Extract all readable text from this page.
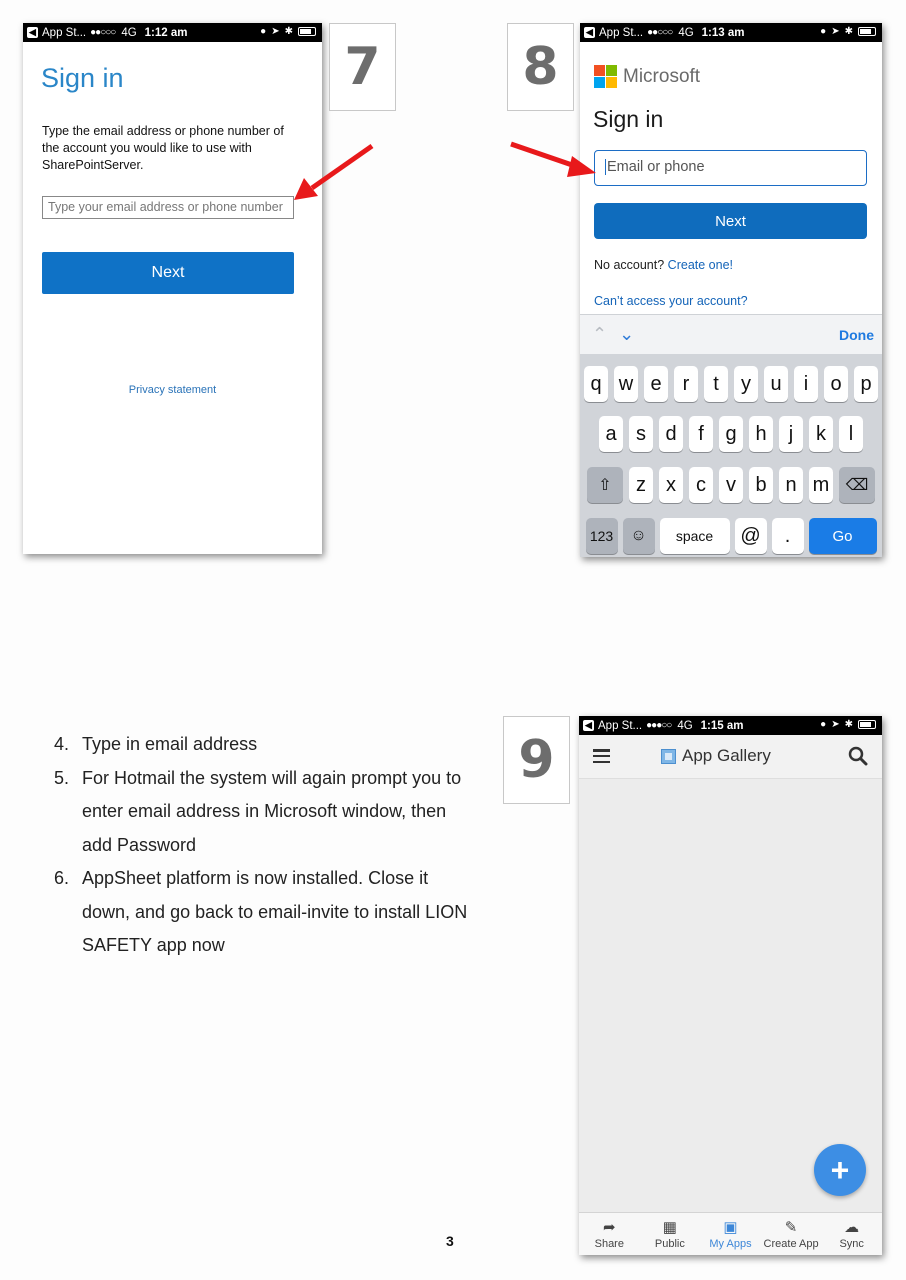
◀ App St... ●●○○○ 4G 1:12 am	● ➤ ✱
Sign in
Type the email address or phone number of the account you would like to use with SharePointServer.
Type your email address or phone number
Next
Privacy statement
7	8
◀ App St... ●●○○○ 4G 1:13 am	● ➤ ✱
Microsoft
Sign in
Email or phone
Next
No account? Create one!
Can’t access your account?
⌃ ⌄	Done
q w e	r	t	y u	i	o p
a s d	f	g h	j	k	l
⇧	z	x	c	v b n m	⌫
123	☺	space	@	.	Go
4. Type in email address
5. For Hotmail the system will again prompt you to enter email address in Microsoft window, then add Password
6. AppSheet platform is now installed. Close it down, and go back to email-invite to install LION SAFETY app now
9
◀ App St... ●●●○○ 4G 1:15 am	● ➤ ✱
App Gallery
+
➦
Share
▦
Public
▣
My Apps
✎
Create App
☁
Sync
3
